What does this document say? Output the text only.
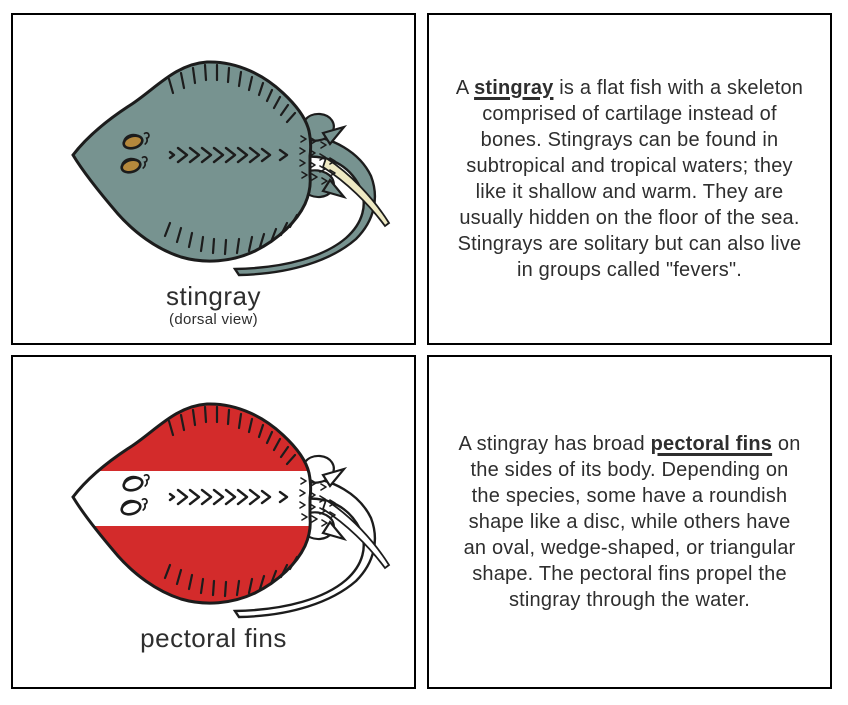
stingray
(dorsal view)

A stingray is a flat fish with a skeleton comprised of cartilage instead of bones. Stingrays can be found in subtropical and tropical waters; they like it shallow and warm. They are usually hidden on the floor of the sea. Stingrays are solitary but can also live in groups called "fevers".

pectoral fins

A stingray has broad pectoral fins on the sides of its body. Depending on the species, some have a roundish shape like a disc, while others have an oval, wedge-shaped, or triangular shape. The pectoral fins propel the stingray through the water.
